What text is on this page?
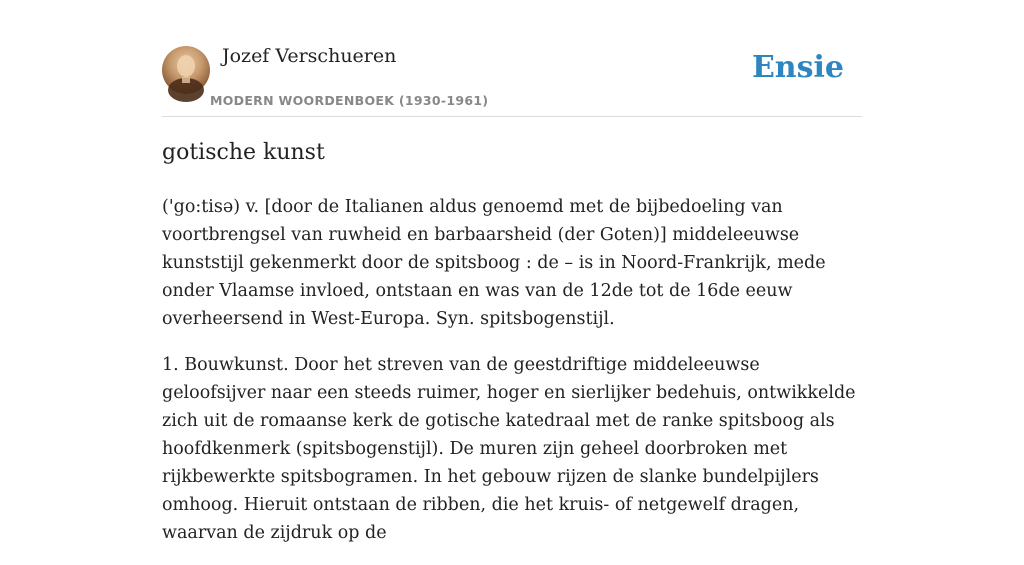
Jozef Verschueren
MODERN WOORDENBOEK (1930-1961)
Ensie
gotische kunst

('go:tisə) v. [door de Italianen aldus genoemd met de bijbedoeling van voortbrengsel van ruwheid en barbaarsheid (der Goten)] middeleeuwse kunststijl gekenmerkt door de spitsboog : de – is in Noord-Frankrijk, mede onder Vlaamse invloed, ontstaan en was van de 12de tot de 16de eeuw overheersend in West-Europa. Syn. spitsbogenstijl.

1. Bouwkunst. Door het streven van de geestdriftige middeleeuwse geloofsijver naar een steeds ruimer, hoger en sierlijker bedehuis, ontwikkelde zich uit de romaanse kerk de gotische katedraal met de ranke spitsboog als hoofdkenmerk (spitsbogenstijl). De muren zijn geheel doorbroken met rijkbewerkte spitsbogramen. In het gebouw rijzen de slanke bundelpijlers omhoog. Hieruit ontstaan de ribben, die het kruis- of netgewelf dragen, waarvan de zijdruk op de
